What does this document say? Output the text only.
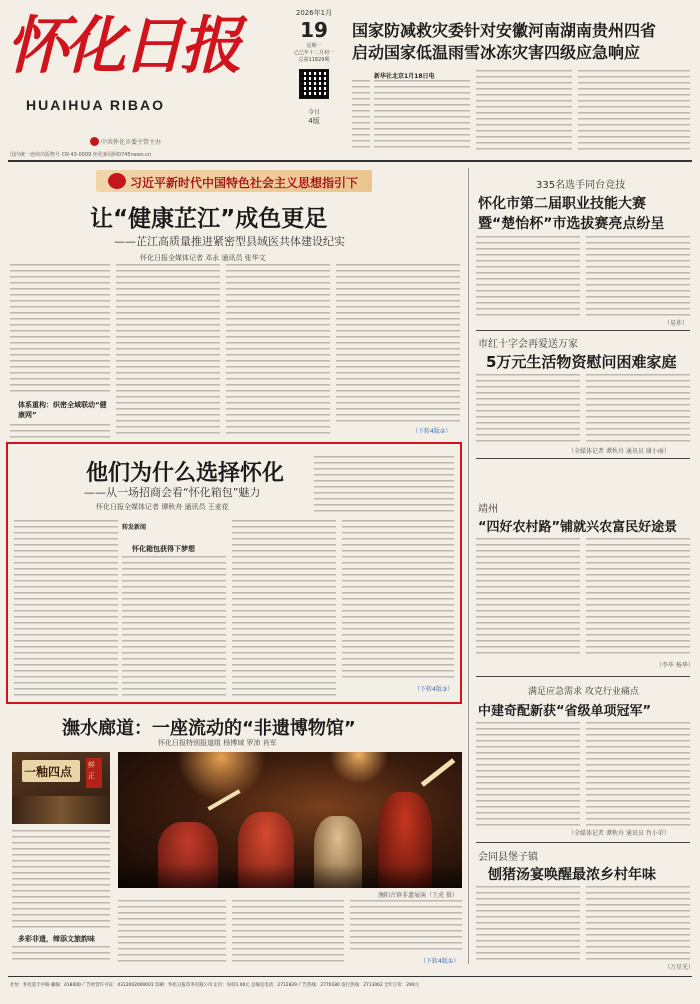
怀化日报
HUAIHUA RIBAO
中共怀化市委主管主办
国内统一连续出版物号 CN 43-0009 怀化新闻网0745news.cn
2026年1月
19
星期一
乙巳年十二月初一
总第11829期
今日
4版
国家防减救灾委针对安徽河南湖南贵州四省
启动国家低温雨雪冰冻灾害四级应急响应
新华社北京1月18日电
习近平新时代中国特色社会主义思想指引下
让“健康芷江”成色更足
——芷江高质量推进紧密型县域医共体建设纪实
怀化日报全媒体记者 邓永 通讯员 张华文
体系重构：织密全域联动“健康网”
（下转4版②）
335名选手同台竞技
怀化市第二届职业技能大赛
暨“楚怡杯”市选拔赛亮点纷呈
（易祚）
市红十字会再爱送万家
5万元生活物资慰问困难家庭
（全媒体记者 谭秋舟 通讯员 谢小丽）
他们为什么选择怀化
——从一场招商会看“怀化箱包”魅力
怀化日报全媒体记者 谭秋舟 通讯员 王麦花
转发新闻
怀化箱包获得下梦想
（下转4版③）
靖州
“四好农村路”铺就兴农富民好途景
（李毕 杨华）
潕水廊道：一座流动的“非遗博物馆”
怀化日报特别报道组 杨博域 罗沛 肖军
一釉四点 鲜正
多彩非遗，缔添文旅韵味
潕阳古镇非遗展演（王虎 摄）
（下转4版①）
满足应急需求 攻克行业痛点
中建奇配新获“省级单项冠军”
（全媒体记者 谭秋舟 通讯员 肖小荣）
会同县堡子镇
刨猪汤宴唤醒最浓乡村年味
（万星光）
社址：怀化迎丰中路 邮编：418000 广告经营许可证：4312002000001 印刷：怀化日报印务有限公司 定价：每份1.00元 总编室电话：2712829 广告热线：2776180 发行热线：2713062 全年订价：290元
